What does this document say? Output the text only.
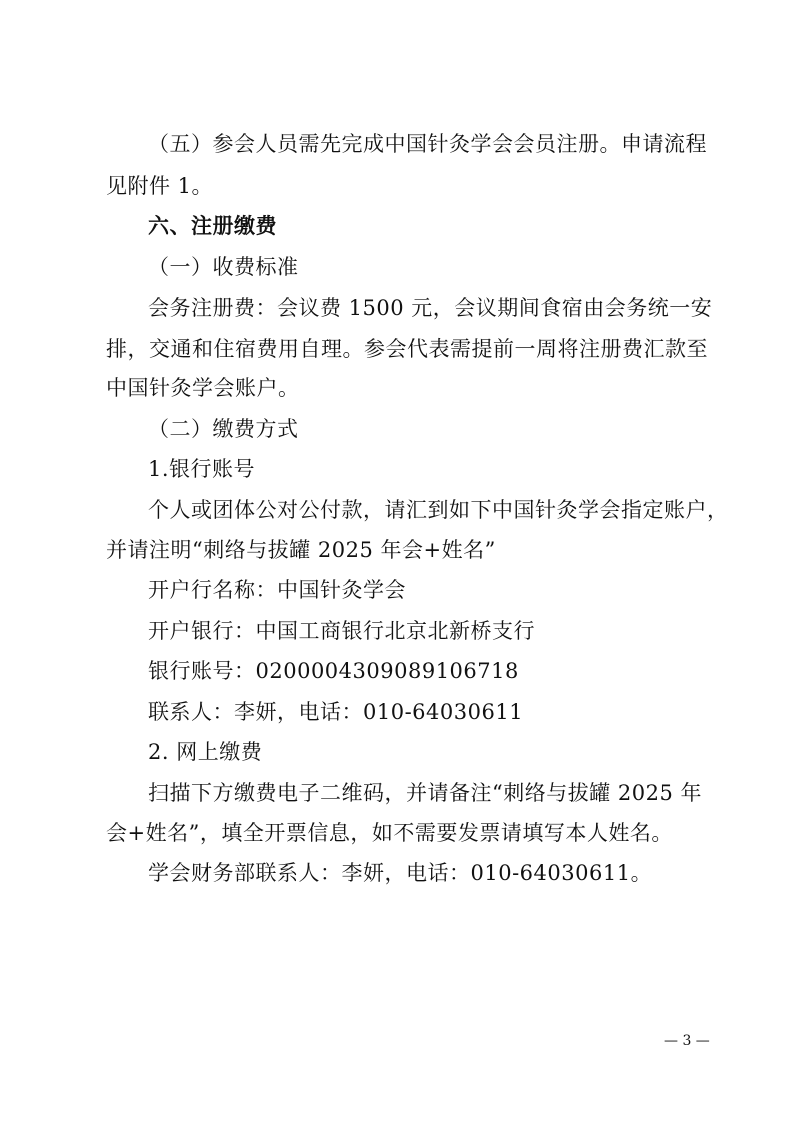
（五）参会人员需先完成中国针灸学会会员注册。申请流程
见附件 1。
六、注册缴费
（一）收费标准
会务注册费：会议费 1500 元，会议期间食宿由会务统一安
排，交通和住宿费用自理。参会代表需提前一周将注册费汇款至
中国针灸学会账户。
（二）缴费方式
1.银行账号
个人或团体公对公付款，请汇到如下中国针灸学会指定账户，
并请注明“刺络与拔罐 2025 年会+姓名”
开户行名称：中国针灸学会
开户银行：中国工商银行北京北新桥支行
银行账号：0200004309089106718
联系人：李妍，电话：010-64030611
2. 网上缴费
扫描下方缴费电子二维码，并请备注“刺络与拔罐 2025 年
会+姓名”，填全开票信息，如不需要发票请填写本人姓名。
学会财务部联系人：李妍，电话：010-64030611。
— 3 —
